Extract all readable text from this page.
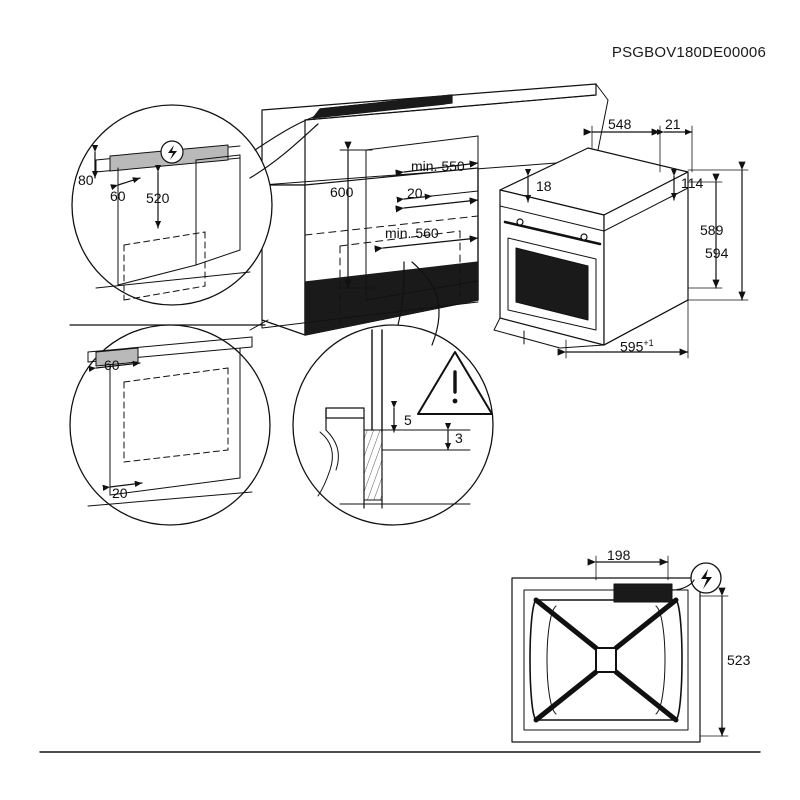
PSGBOV180DE00006
80
60 520	600
min. 550
20
min. 560
60
20
5
3
548 21
18	114
589
594
$595^{+1}$
198
523
